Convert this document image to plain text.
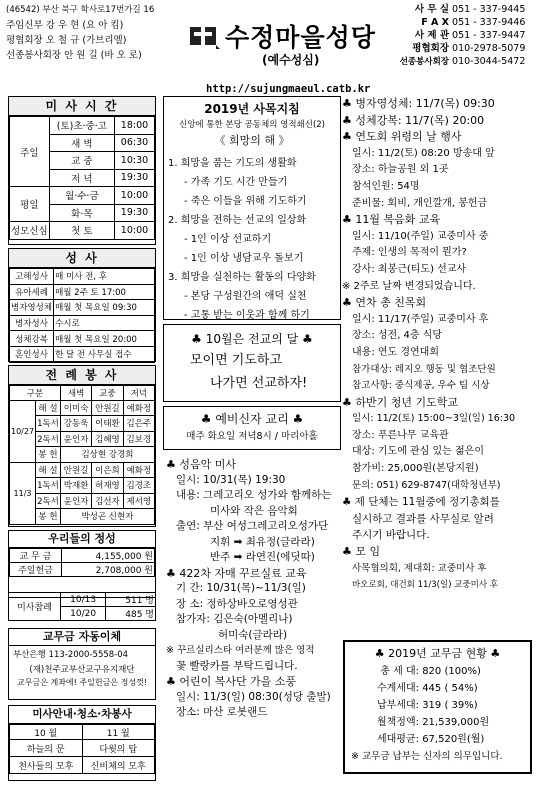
(46542) 부산 북구 학사로17번가길 16
주임신부 강 우 현 (요 아 킴)
평협회장 오 철 규 (가브리엘)
선종봉사회장 안 원 길 (바 오 로)
수정마을성당
(예수성심)
http://sujungmaeul.catb.kr
사 무 실 051 - 337-9445
F A X 051 - 337-9446
사 제 관 051 - 337-9447
평협회장 010-2978-5079
선종봉사회장 010-3044-5472
미 사 시 간
주일	(토)초·중·고	18:00
	새 벽	06:30
	교 중	10:30
	저 녁	19:30
평일	월·수·금	10:00
	화·목	19:30
성모신심	첫 토	10:00
성 사
고해성사	매 미사 전, 후
유아세례	매월 2주 토 17:00
병자영성체	매월 첫 목요일 09:30
병자성사	수시로
성체강복	매월 첫 목요일 20:00
혼인성사	한 달 전 사무실 접수
전 례 봉 사
구분		새벽	교중	저녁
10/27	해 설	이미숙	안원길	예화정
	1독서	강동욱	이태환	김은주
	2독서	윤인자	김혜영	김보경
	봉 헌	김상현 강경희		
11/3	해 설	안원길	이은희	예화정
	1독서	박재환	허재영	김경조
	2독서	윤인자	김선자	제서영
	봉 헌	박성곤 신현자		
우리들의 정성
교 무 금	4,155,000 원
주일헌금	2,708,000 원
미사참례	10/13	511 명
	10/20	485 명
교무금 자동이체
부산은행 113-2000-5558-04
(재)천주교부산교구유지재단
교무금은 계좌에! 주일헌금은 정성껏!
미사안내·청소·차봉사
10 월	11 월
하늘의 문	다윗의 탑
천사들의 모후	신비체의 모후
2019년 사목지침
신앙에 통한 본당 공동체의 영적쇄신(2)
《 희망의 해 》
1. 희망을 품는 기도의 생활화
- 가족 기도 시간 만들기
- 죽은 이들을 위해 기도하기
2. 희망을 전하는 선교의 일상화
- 1인 이상 선교하기
- 1인 이상 냉담교우 돌보기
3. 희망을 실천하는 활동의 다양화
- 본당 구성원간의 애덕 실천
- 고통 받는 이웃과 함께 하기
♣ 10월은 전교의 달 ♣
모이면 기도하고
나가면 선교하자!
♣ 예비신자 교리 ♣
매주 화요일 저녁8시 / 마리아홀
♣ 성음악 미사
일시: 10/31(목) 19:30
내용: 그레고리오 성가와 함께하는
미사와 작은 음악회
출연: 부산 여성그레고리오성가단
지휘 ➡ 최유정(글라라)
반주 ➡ 라연진(에딧따)
♣ 422차 자매 꾸르실료 교육
기 간: 10/31(목)~11/3(일)
장 소: 정하상바오로영성관
참가자: 김은숙(아멜리나)
허미숙(글라라)
※ 꾸르실리스타 여러분께 많은 영적
꽃 빨랑카를 부탁드립니다.
♣ 어린이 복사단 가을 소풍
일시: 11/3(일) 08:30(성당 출발)
장소: 마산 로봇랜드
♣ 병자영성체: 11/7(목) 09:30
♣ 성체강복: 11/7(목) 20:00
♣ 연도회 위령의 날 행사
일시: 11/2(토) 08:20 방송대 앞
장소: 하늘공원 외 1곳
참석인원: 54명
준비물: 회비, 개인깔개, 봉헌금
♣ 11월 복음화 교육
일시: 11/10(주일) 교중미사 중
주제: 인생의 목적이 뭔가?
강사: 최봉근(티도) 선교사
※ 2주로 날짜 변경되었습니다.
♣ 연차 총 친목회
일시: 11/17(주일) 교중미사 후
장소: 성전, 4층 식당
내용: 연도 경연대회
참가대상: 레지오 행동 및 협조단원
참고사항: 중식제공, 우수 팀 시상
♣ 하반기 청년 기도학교
일시: 11/2(토) 15:00~3일(일) 16:30
장소: 푸른나무 교육관
대상: 기도에 관심 있는 젊은이
참가비: 25,000원(본당지원)
문의: 051) 629-8747(대학청년부)
♣ 제 단체는 11월중에 정기총회를
실시하고 결과를 사무실로 알려
주시기 바랍니다.
♣ 모 임
사목협의회, 제대회: 교중미사 후
바오로회, 대건회 11/3(일) 교중미사 후
♣ 2019년 교무금 현황 ♣
총 세 대: 820 (100%)
수계세대: 445 ( 54%)
납부세대: 319 ( 39%)
월책정액: 21,539,000원
세대평균: 67,520원(월)
※ 교무금 납부는 신자의 의무입니다.
